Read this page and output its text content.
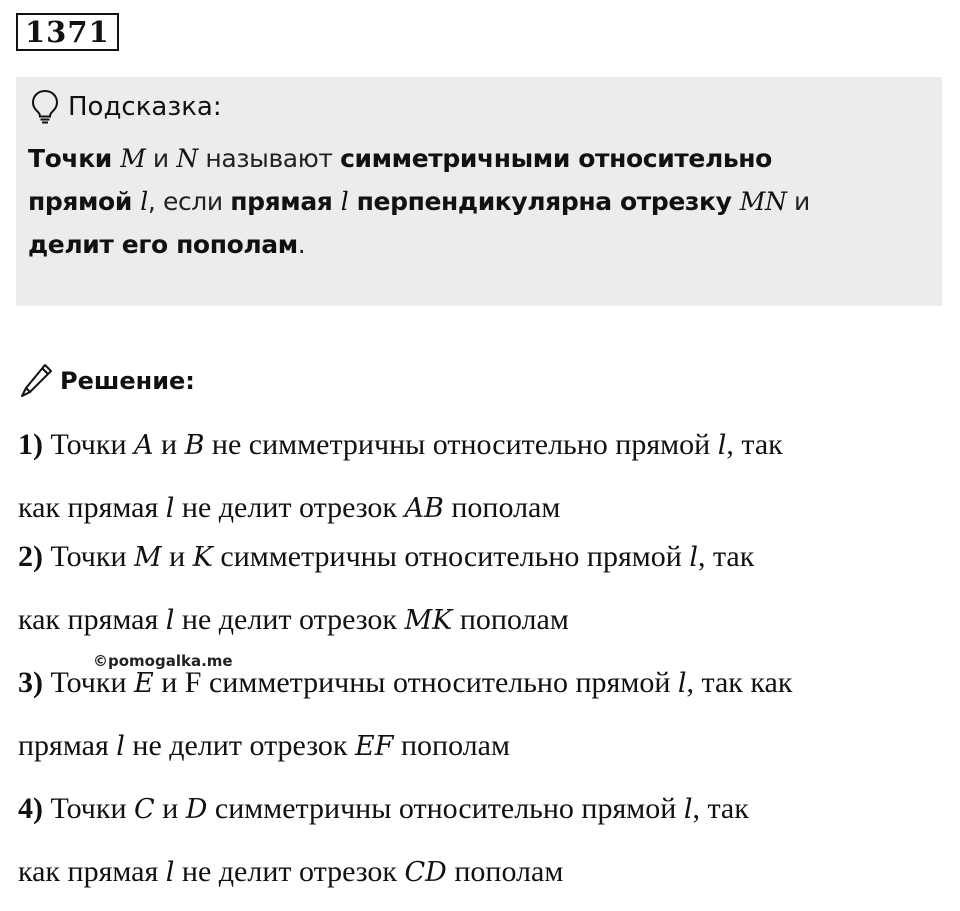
1371
Подсказка:
Точки M и N называют симметричными относительно
прямой l, если прямая l перпендикулярна отрезку MN и
делит его пополам.
Решение:
1) Точки A и B не симметричны относительно прямой l, так
как прямая l не делит отрезок AB пополам
2) Точки M и K симметричны относительно прямой l, так
как прямая l не делит отрезок MK пополам
3) Точки E и F симметричны относительно прямой l, так как
прямая l не делит отрезок EF пополам
4) Точки C и D симметричны относительно прямой l, так
как прямая l не делит отрезок CD пополам
©pomogalka.me
